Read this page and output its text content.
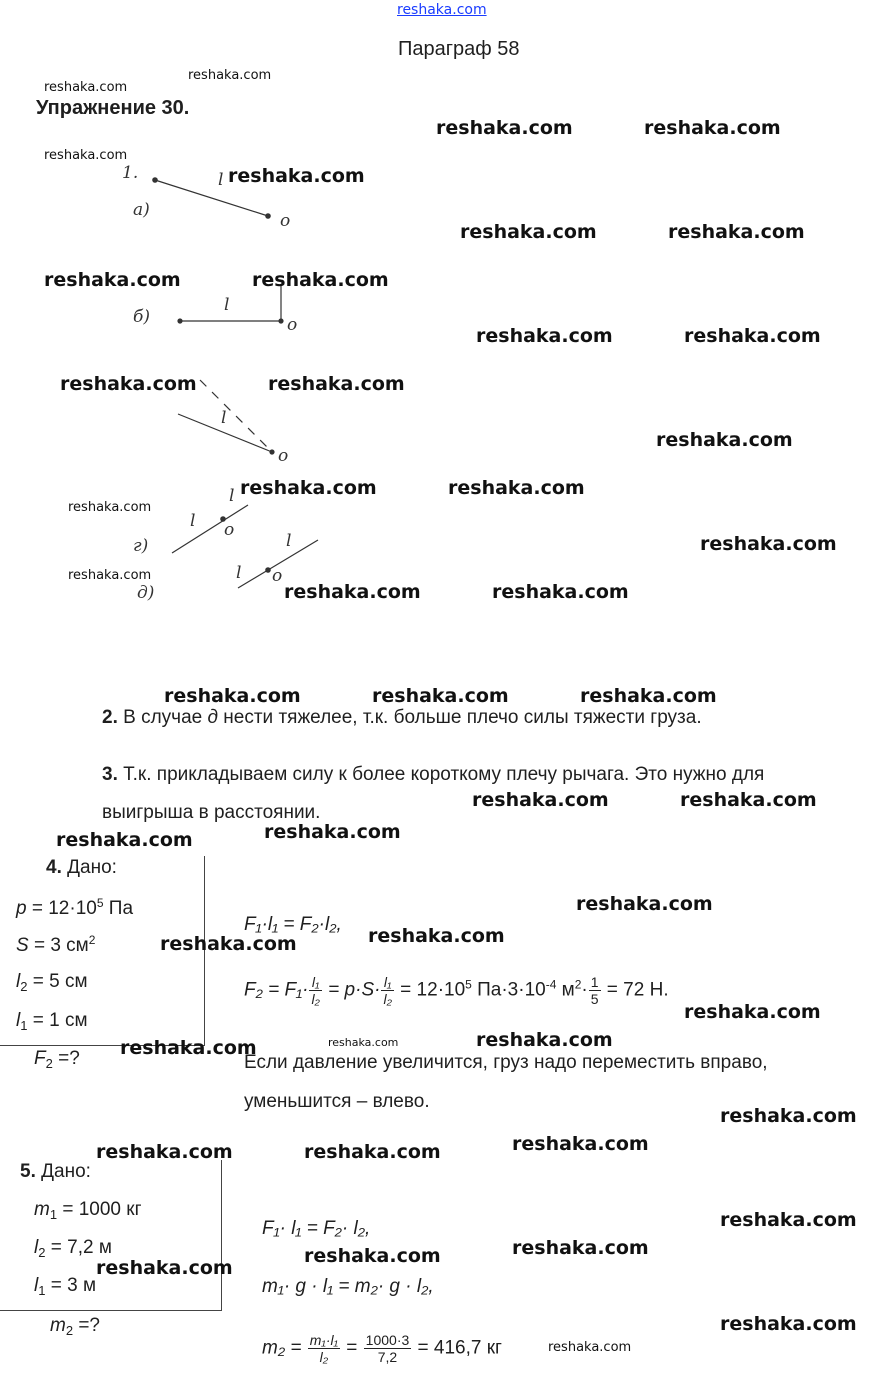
reshaka.com
Параграф 58
Упражнение 30.
1.
а)
l
o
б)
l
o
l
o
г)
l
l o
д)
l
l o
2. В случае д нести тяжелее, т.к. больше плечо силы тяжести груза.
3. Т.к. прикладываем силу к более короткому плечу рычага. Это нужно для
выигрыша в расстоянии.
4. Дано:
$p = 12\cdot 10^5$ Па
S = 3 $см^2$
$l_2 = 5$ см
$l_1 = 1$ см
$F_2$ =?
F₁·l₁ = F₂·l₂,
$F_2 = F_1\cdot \frac{\text{l₁}}{\text{l₂}} = p\cdot S\cdot \frac{\text{l₁}}{\text{l₂}} = 12\cdot 10^5$ $Па\cdot 3\cdot 10^{-4}$ $м^2\cdot \frac{1}{5} = 72$ Н.
Если давление увеличится, груз надо переместить вправо,
уменьшится – влево.
5. Дано:
$m_1 = 1000$ кг
$l_2 = 7,2$ м
$l_1 = 3$ м
$m_2$ =?
F₁· l₁ = F₂· l₂,
m₁· g · l₁ = m₂· g · l₂,
$m_2 = \frac{\text{m₁·l₁}}{\text{l₂}} = \frac{1000\cdot 3}{7,2} = 416,7$ кг
reshaka.com
reshaka.com
reshaka.com	reshaka.com
reshaka.com
reshaka.com
reshaka.com	reshaka.com
reshaka.com	reshaka.com
reshaka.com	reshaka.com
reshaka.com	reshaka.com
reshaka.com
reshaka.com	reshaka.com
reshaka.com
reshaka.com
reshaka.com
reshaka.com	reshaka.com
reshaka.com	reshaka.com	reshaka.com
reshaka.com	reshaka.com
reshaka.com	reshaka.com
reshaka.com
reshaka.com	reshaka.com
reshaka.com
reshaka.com	reshaka.com
reshaka.com
reshaka.com
reshaka.com	reshaka.com	reshaka.com
reshaka.com
reshaka.com	reshaka.com
reshaka.com
reshaka.com
reshaka.com
